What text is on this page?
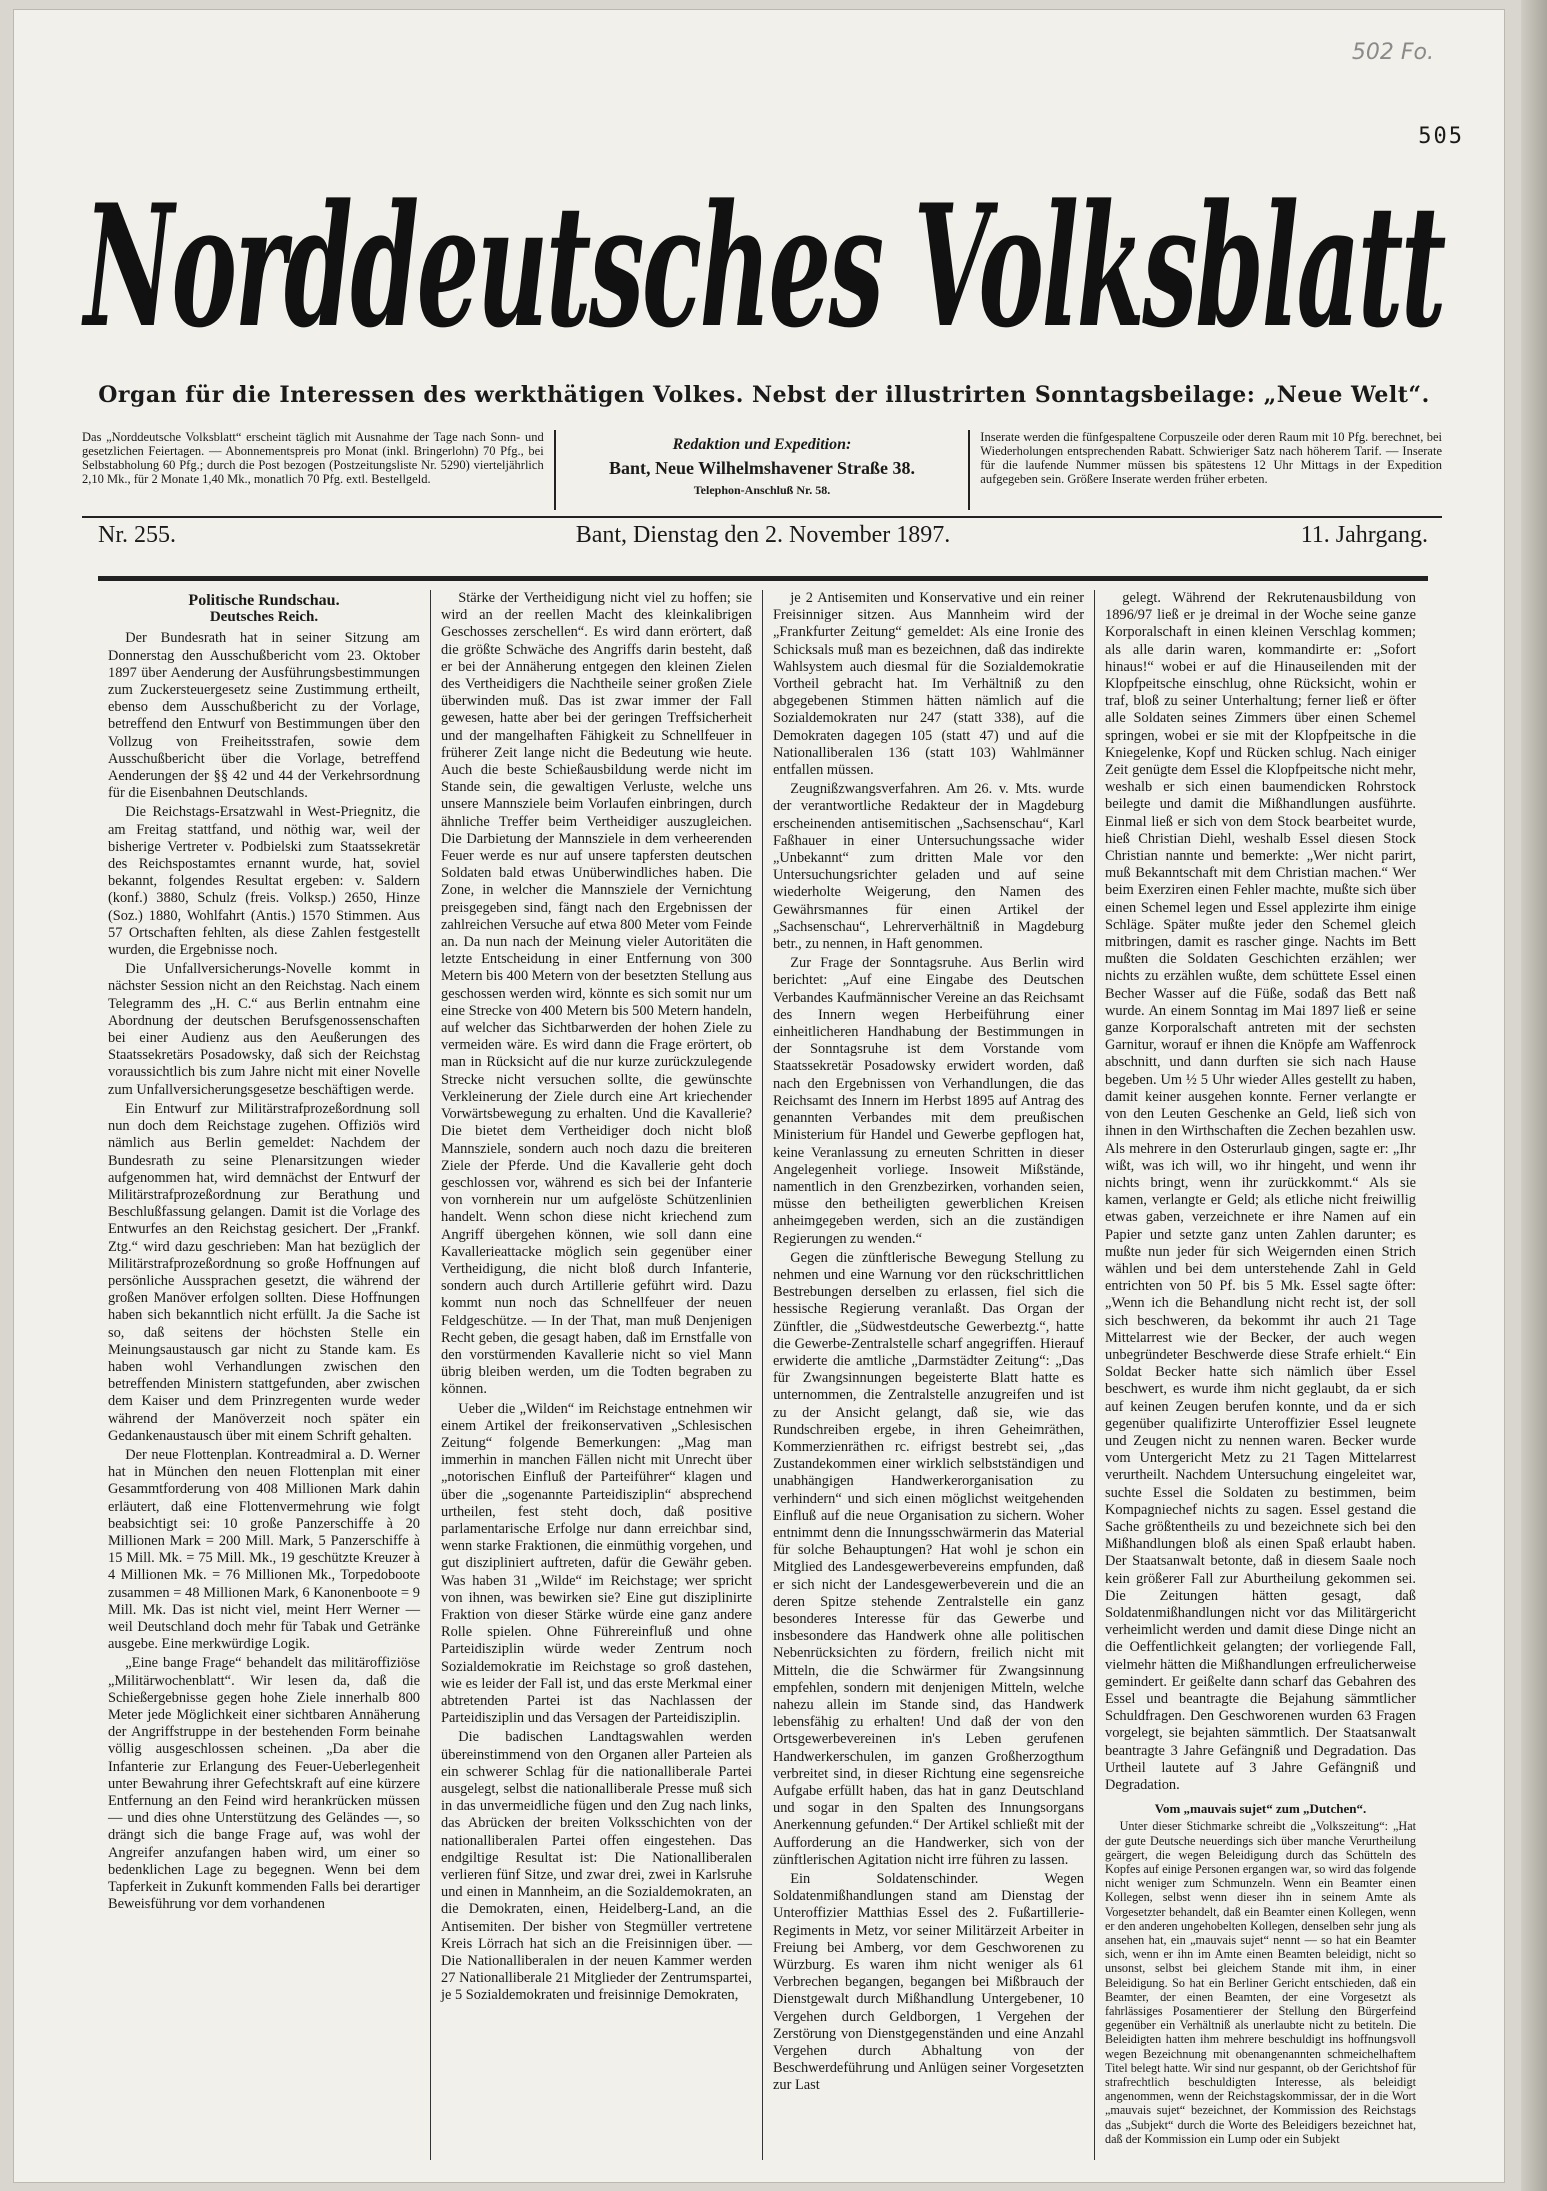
502 Fo.
505
Norddeutsches Volksblatt
Organ für die Interessen des werkthätigen Volkes. Nebst der illustrirten Sonntagsbeilage: „Neue Welt“.
Das „Norddeutsche Volksblatt“ erscheint täglich mit Ausnahme der Tage nach Sonn- und gesetzlichen Feiertagen. — Abonnementspreis pro Monat (inkl. Bringerlohn) 70 Pfg., bei Selbstabholung 60 Pfg.; durch die Post bezogen (Postzeitungsliste Nr. 5290) vierteljährlich 2,10 Mk., für 2 Monate 1,40 Mk., monatlich 70 Pfg. extl. Bestellgeld.
Redaktion und Expedition:
Bant, Neue Wilhelmshavener Straße 38.
Telephon-Anschluß Nr. 58.
Inserate werden die fünfgespaltene Corpuszeile oder deren Raum mit 10 Pfg. berechnet, bei Wiederholungen entsprechenden Rabatt. Schwieriger Satz nach höherem Tarif. — Inserate für die laufende Nummer müssen bis spätestens 12 Uhr Mittags in der Expedition aufgegeben sein. Größere Inserate werden früher erbeten.
Nr. 255.	Bant, Dienstag den 2. November 1897.	11. Jahrgang.
Politische Rundschau.
Deutsches Reich.

Der Bundesrath hat in seiner Sitzung am Donnerstag den Ausschußbericht vom 23. Oktober 1897 über Aenderung der Ausführungsbestimmungen zum Zuckersteuergesetz seine Zustimmung ertheilt, ebenso dem Ausschußbericht zu der Vorlage, betreffend den Entwurf von Bestimmungen über den Vollzug von Freiheitsstrafen, sowie dem Ausschußbericht über die Vorlage, betreffend Aenderungen der §§ 42 und 44 der Verkehrsordnung für die Eisenbahnen Deutschlands.

Die Reichstags-Ersatzwahl in West-Priegnitz, die am Freitag stattfand, und nöthig war, weil der bisherige Vertreter v. Podbielski zum Staatssekretär des Reichspostamtes ernannt wurde, hat, soviel bekannt, folgendes Resultat ergeben: v. Saldern (konf.) 3880, Schulz (freis. Volksp.) 2650, Hinze (Soz.) 1880, Wohlfahrt (Antis.) 1570 Stimmen. Aus 57 Ortschaften fehlten, als diese Zahlen festgestellt wurden, die Ergebnisse noch.

Die Unfallversicherungs-Novelle kommt in nächster Session nicht an den Reichstag. Nach einem Telegramm des „H. C.“ aus Berlin entnahm eine Abordnung der deutschen Berufsgenossenschaften bei einer Audienz aus den Aeußerungen des Staatssekretärs Posadowsky, daß sich der Reichstag voraussichtlich bis zum Jahre nicht mit einer Novelle zum Unfallversicherungsgesetze beschäftigen werde.

Ein Entwurf zur Militärstrafprozeßordnung soll nun doch dem Reichstage zugehen. Offiziös wird nämlich aus Berlin gemeldet: Nachdem der Bundesrath zu seine Plenarsitzungen wieder aufgenommen hat, wird demnächst der Entwurf der Militärstrafprozeßordnung zur Berathung und Beschlußfassung gelangen. Damit ist die Vorlage des Entwurfes an den Reichstag gesichert. Der „Frankf. Ztg.“ wird dazu geschrieben: Man hat bezüglich der Militärstrafprozeßordnung so große Hoffnungen auf persönliche Aussprachen gesetzt, die während der großen Manöver erfolgen sollten. Diese Hoffnungen haben sich bekanntlich nicht erfüllt. Ja die Sache ist so, daß seitens der höchsten Stelle ein Meinungsaustausch gar nicht zu Stande kam. Es haben wohl Verhandlungen zwischen den betreffenden Ministern stattgefunden, aber zwischen dem Kaiser und dem Prinzregenten wurde weder während der Manöverzeit noch später ein Gedankenaustausch über mit einem Schrift gehalten.

Der neue Flottenplan. Kontreadmiral a. D. Werner hat in München den neuen Flottenplan mit einer Gesammtforderung von 408 Millionen Mark dahin erläutert, daß eine Flottenvermehrung wie folgt beabsichtigt sei: 10 große Panzerschiffe à 20 Millionen Mark = 200 Mill. Mark, 5 Panzerschiffe à 15 Mill. Mk. = 75 Mill. Mk., 19 geschützte Kreuzer à 4 Millionen Mk. = 76 Millionen Mk., Torpedoboote zusammen = 48 Millionen Mark, 6 Kanonenboote = 9 Mill. Mk. Das ist nicht viel, meint Herr Werner — weil Deutschland doch mehr für Tabak und Getränke ausgebe. Eine merkwürdige Logik.

„Eine bange Frage“ behandelt das militäroffiziöse „Militärwochenblatt“. Wir lesen da, daß die Schießergebnisse gegen hohe Ziele innerhalb 800 Meter jede Möglichkeit einer sichtbaren Annäherung der Angriffstruppe in der bestehenden Form beinahe völlig ausgeschlossen scheinen. „Da aber die Infanterie zur Erlangung des Feuer-Ueberlegenheit unter Bewahrung ihrer Gefechtskraft auf eine kürzere Entfernung an den Feind wird herankrücken müssen — und dies ohne Unterstützung des Geländes —, so drängt sich die bange Frage auf, was wohl der Angreifer anzufangen haben wird, um einer so bedenklichen Lage zu begegnen. Wenn bei dem Tapferkeit in Zukunft kommenden Falls bei derartiger Beweisführung vor dem vorhandenen

Stärke der Vertheidigung nicht viel zu hoffen; sie wird an der reellen Macht des kleinkalibrigen Geschosses zerschellen“. Es wird dann erörtert, daß die größte Schwäche des Angriffs darin besteht, daß er bei der Annäherung entgegen den kleinen Zielen des Vertheidigers die Nachtheile seiner großen Ziele überwinden muß. Das ist zwar immer der Fall gewesen, hatte aber bei der geringen Treffsicherheit und der mangelhaften Fähigkeit zu Schnellfeuer in früherer Zeit lange nicht die Bedeutung wie heute. Auch die beste Schießausbildung werde nicht im Stande sein, die gewaltigen Verluste, welche uns unsere Mannsziele beim Vorlaufen einbringen, durch ähnliche Treffer beim Vertheidiger auszugleichen. Die Darbietung der Mannsziele in dem verheerenden Feuer werde es nur auf unsere tapfersten deutschen Soldaten bald etwas Unüberwindliches haben. Die Zone, in welcher die Mannsziele der Vernichtung preisgegeben sind, fängt nach den Ergebnissen der zahlreichen Versuche auf etwa 800 Meter vom Feinde an. Da nun nach der Meinung vieler Autoritäten die letzte Entscheidung in einer Entfernung von 300 Metern bis 400 Metern von der besetzten Stellung aus geschossen werden wird, könnte es sich somit nur um eine Strecke von 400 Metern bis 500 Metern handeln, auf welcher das Sichtbarwerden der hohen Ziele zu vermeiden wäre. Es wird dann die Frage erörtert, ob man in Rücksicht auf die nur kurze zurückzulegende Strecke nicht versuchen sollte, die gewünschte Verkleinerung der Ziele durch eine Art kriechender Vorwärtsbewegung zu erhalten. Und die Kavallerie? Die bietet dem Vertheidiger doch nicht bloß Mannsziele, sondern auch noch dazu die breiteren Ziele der Pferde. Und die Kavallerie geht doch geschlossen vor, während es sich bei der Infanterie von vornherein nur um aufgelöste Schützenlinien handelt. Wenn schon diese nicht kriechend zum Angriff übergehen können, wie soll dann eine Kavallerieattacke möglich sein gegenüber einer Vertheidigung, die nicht bloß durch Infanterie, sondern auch durch Artillerie geführt wird. Dazu kommt nun noch das Schnellfeuer der neuen Feldgeschütze. — In der That, man muß Denjenigen Recht geben, die gesagt haben, daß im Ernstfalle von den vorstürmenden Kavallerie nicht so viel Mann übrig bleiben werden, um die Todten begraben zu können.

Ueber die „Wilden“ im Reichstage entnehmen wir einem Artikel der freikonservativen „Schlesischen Zeitung“ folgende Bemerkungen: „Mag man immerhin in manchen Fällen nicht mit Unrecht über „notorischen Einfluß der Parteiführer“ klagen und über die „sogenannte Parteidisziplin“ absprechend urtheilen, fest steht doch, daß positive parlamentarische Erfolge nur dann erreichbar sind, wenn starke Fraktionen, die einmüthig vorgehen, und gut diszipliniert auftreten, dafür die Gewähr geben. Was haben 31 „Wilde“ im Reichstage; wer spricht von ihnen, was bewirken sie? Eine gut disziplinirte Fraktion von dieser Stärke würde eine ganz andere Rolle spielen. Ohne Führereinfluß und ohne Parteidisziplin würde weder Zentrum noch Sozialdemokratie im Reichstage so groß dastehen, wie es leider der Fall ist, und das erste Merkmal einer abtretenden Partei ist das Nachlassen der Parteidisziplin und das Versagen der Parteidisziplin.

Die badischen Landtagswahlen werden übereinstimmend von den Organen aller Parteien als ein schwerer Schlag für die nationalliberale Partei ausgelegt, selbst die nationalliberale Presse muß sich in das unvermeidliche fügen und den Zug nach links, das Abrücken der breiten Volksschichten von der nationalliberalen Partei offen eingestehen. Das endgiltige Resultat ist: Die Nationalliberalen verlieren fünf Sitze, und zwar drei, zwei in Karlsruhe und einen in Mannheim, an die Sozialdemokraten, an die Demokraten, einen, Heidelberg-Land, an die Antisemiten. Der bisher von Stegmüller vertretene Kreis Lörrach hat sich an die Freisinnigen über. — Die Nationalliberalen in der neuen Kammer werden 27 Nationalliberale 21 Mitglieder der Zentrumspartei, je 5 Sozialdemokraten und freisinnige Demokraten,

je 2 Antisemiten und Konservative und ein reiner Freisinniger sitzen. Aus Mannheim wird der „Frankfurter Zeitung“ gemeldet: Als eine Ironie des Schicksals muß man es bezeichnen, daß das indirekte Wahlsystem auch diesmal für die Sozialdemokratie Vortheil gebracht hat. Im Verhältniß zu den abgegebenen Stimmen hätten nämlich auf die Sozialdemokraten nur 247 (statt 338), auf die Demokraten dagegen 105 (statt 47) und auf die Nationalliberalen 136 (statt 103) Wahlmänner entfallen müssen.

Zeugnißzwangsverfahren. Am 26. v. Mts. wurde der verantwortliche Redakteur der in Magdeburg erscheinenden antisemitischen „Sachsenschau“, Karl Faßhauer in einer Untersuchungssache wider „Unbekannt“ zum dritten Male vor den Untersuchungsrichter geladen und auf seine wiederholte Weigerung, den Namen des Gewährsmannes für einen Artikel der „Sachsenschau“, Lehrerverhältniß in Magdeburg betr., zu nennen, in Haft genommen.

Zur Frage der Sonntagsruhe. Aus Berlin wird berichtet: „Auf eine Eingabe des Deutschen Verbandes Kaufmännischer Vereine an das Reichsamt des Innern wegen Herbeiführung einer einheitlicheren Handhabung der Bestimmungen in der Sonntagsruhe ist dem Vorstande vom Staatssekretär Posadowsky erwidert worden, daß nach den Ergebnissen von Verhandlungen, die das Reichsamt des Innern im Herbst 1895 auf Antrag des genannten Verbandes mit dem preußischen Ministerium für Handel und Gewerbe gepflogen hat, keine Veranlassung zu erneuten Schritten in dieser Angelegenheit vorliege. Insoweit Mißstände, namentlich in den Grenzbezirken, vorhanden seien, müsse den betheiligten gewerblichen Kreisen anheimgegeben werden, sich an die zuständigen Regierungen zu wenden.“

Gegen die zünftlerische Bewegung Stellung zu nehmen und eine Warnung vor den rückschrittlichen Bestrebungen derselben zu erlassen, fiel sich die hessische Regierung veranlaßt. Das Organ der Zünftler, die „Südwestdeutsche Gewerbeztg.“, hatte die Gewerbe-Zentralstelle scharf angegriffen. Hierauf erwiderte die amtliche „Darmstädter Zeitung“: „Das für Zwangsinnungen begeisterte Blatt hatte es unternommen, die Zentralstelle anzugreifen und ist zu der Ansicht gelangt, daß sie, wie das Rundschreiben ergebe, in ihren Geheimräthen, Kommerzienräthen rc. eifrigst bestrebt sei, „das Zustandekommen einer wirklich selbstständigen und unabhängigen Handwerkerorganisation zu verhindern“ und sich einen möglichst weitgehenden Einfluß auf die neue Organisation zu sichern. Woher entnimmt denn die Innungsschwärmerin das Material für solche Behauptungen? Hat wohl je schon ein Mitglied des Landesgewerbevereins empfunden, daß er sich nicht der Landesgewerbeverein und die an deren Spitze stehende Zentralstelle ein ganz besonderes Interesse für das Gewerbe und insbesondere das Handwerk ohne alle politischen Nebenrücksichten zu fördern, freilich nicht mit Mitteln, die die Schwärmer für Zwangsinnung empfehlen, sondern mit denjenigen Mitteln, welche nahezu allein im Stande sind, das Handwerk lebensfähig zu erhalten! Und daß der von den Ortsgewerbevereinen in's Leben gerufenen Handwerkerschulen, im ganzen Großherzogthum verbreitet sind, in dieser Richtung eine segensreiche Aufgabe erfüllt haben, das hat in ganz Deutschland und sogar in den Spalten des Innungsorgans Anerkennung gefunden.“ Der Artikel schließt mit der Aufforderung an die Handwerker, sich von der zünftlerischen Agitation nicht irre führen zu lassen.

Ein Soldatenschinder. Wegen Soldatenmißhandlungen stand am Dienstag der Unteroffizier Matthias Essel des 2. Fußartillerie-Regiments in Metz, vor seiner Militärzeit Arbeiter in Freiung bei Amberg, vor dem Geschworenen zu Würzburg. Es waren ihm nicht weniger als 61 Verbrechen begangen, begangen bei Mißbrauch der Dienstgewalt durch Mißhandlung Untergebener, 10 Vergehen durch Geldborgen, 1 Vergehen der Zerstörung von Dienstgegenständen und eine Anzahl Vergehen durch Abhaltung von der Beschwerdeführung und Anlügen seiner Vorgesetzten zur Last

gelegt. Während der Rekrutenausbildung von 1896/97 ließ er je dreimal in der Woche seine ganze Korporalschaft in einen kleinen Verschlag kommen; als alle darin waren, kommandirte er: „Sofort hinaus!“ wobei er auf die Hinauseilenden mit der Klopfpeitsche einschlug, ohne Rücksicht, wohin er traf, bloß zu seiner Unterhaltung; ferner ließ er öfter alle Soldaten seines Zimmers über einen Schemel springen, wobei er sie mit der Klopfpeitsche in die Kniegelenke, Kopf und Rücken schlug. Nach einiger Zeit genügte dem Essel die Klopfpeitsche nicht mehr, weshalb er sich einen baumendicken Rohrstock beilegte und damit die Mißhandlungen ausführte. Einmal ließ er sich von dem Stock bearbeitet wurde, hieß Christian Diehl, weshalb Essel diesen Stock Christian nannte und bemerkte: „Wer nicht parirt, muß Bekanntschaft mit dem Christian machen.“ Wer beim Exerziren einen Fehler machte, mußte sich über einen Schemel legen und Essel applezirte ihm einige Schläge. Später mußte jeder den Schemel gleich mitbringen, damit es rascher ginge. Nachts im Bett mußten die Soldaten Geschichten erzählen; wer nichts zu erzählen wußte, dem schüttete Essel einen Becher Wasser auf die Füße, sodaß das Bett naß wurde. An einem Sonntag im Mai 1897 ließ er seine ganze Korporalschaft antreten mit der sechsten Garnitur, worauf er ihnen die Knöpfe am Waffenrock abschnitt, und dann durften sie sich nach Hause begeben. Um ½ 5 Uhr wieder Alles gestellt zu haben, damit keiner ausgehen konnte. Ferner verlangte er von den Leuten Geschenke an Geld, ließ sich von ihnen in den Wirthschaften die Zechen bezahlen usw. Als mehrere in den Osterurlaub gingen, sagte er: „Ihr wißt, was ich will, wo ihr hingeht, und wenn ihr nichts bringt, wenn ihr zurückkommt.“ Als sie kamen, verlangte er Geld; als etliche nicht freiwillig etwas gaben, verzeichnete er ihre Namen auf ein Papier und setzte ganz unten Zahlen darunter; es mußte nun jeder für sich Weigernden einen Strich wählen und bei dem unterstehende Zahl in Geld entrichten von 50 Pf. bis 5 Mk. Essel sagte öfter: „Wenn ich die Behandlung nicht recht ist, der soll sich beschweren, da bekommt ihr auch 21 Tage Mittelarrest wie der Becker, der auch wegen unbegründeter Beschwerde diese Strafe erhielt.“ Ein Soldat Becker hatte sich nämlich über Essel beschwert, es wurde ihm nicht geglaubt, da er sich auf keinen Zeugen berufen konnte, und da er sich gegenüber qualifizirte Unteroffizier Essel leugnete und Zeugen nicht zu nennen waren. Becker wurde vom Untergericht Metz zu 21 Tagen Mittelarrest verurtheilt. Nachdem Untersuchung eingeleitet war, suchte Essel die Soldaten zu bestimmen, beim Kompagniechef nichts zu sagen. Essel gestand die Sache größtentheils zu und bezeichnete sich bei den Mißhandlungen bloß als einen Spaß erlaubt haben. Der Staatsanwalt betonte, daß in diesem Saale noch kein größerer Fall zur Aburtheilung gekommen sei. Die Zeitungen hätten gesagt, daß Soldatenmißhandlungen nicht vor das Militärgericht verheimlicht werden und damit diese Dinge nicht an die Oeffentlichkeit gelangten; der vorliegende Fall, vielmehr hätten die Mißhandlungen erfreulicherweise gemindert. Er geißelte dann scharf das Gebahren des Essel und beantragte die Bejahung sämmtlicher Schuldfragen. Den Geschworenen wurden 63 Fragen vorgelegt, sie bejahten sämmtlich. Der Staatsanwalt beantragte 3 Jahre Gefängniß und Degradation. Das Urtheil lautete auf 3 Jahre Gefängniß und Degradation.

Vom „mauvais sujet“ zum „Dutchen“.

Unter dieser Stichmarke schreibt die „Volkszeitung“: „Hat der gute Deutsche neuerdings sich über manche Verurtheilung geärgert, die wegen Beleidigung durch das Schütteln des Kopfes auf einige Personen ergangen war, so wird das folgende nicht weniger zum Schmunzeln. Wenn ein Beamter einen Kollegen, selbst wenn dieser ihn in seinem Amte als Vorgesetzter behandelt, daß ein Beamter einen Kollegen, wenn er den anderen ungehobelten Kollegen, denselben sehr jung als ansehen hat, ein „mauvais sujet“ nennt — so hat ein Beamter sich, wenn er ihn im Amte einen Beamten beleidigt, nicht so unsonst, selbst bei gleichem Stande mit ihm, in einer Beleidigung. So hat ein Berliner Gericht entschieden, daß ein Beamter, der einen Beamten, der eine Vorgesetzt als fahrlässiges Posamentierer der Stellung den Bürgerfeind gegenüber ein Verhältniß als unerlaubte nicht zu betiteln. Die Beleidigten hatten ihm mehrere beschuldigt ins hoffnungsvoll wegen Bezeichnung mit obenangenannten schmeichelhaftem Titel belegt hatte. Wir sind nur gespannt, ob der Gerichtshof für strafrechtlich beschuldigten Interesse, als beleidigt angenommen, wenn der Reichstagskommissar, der in die Wort „mauvais sujet“ bezeichnet, der Kommission des Reichstags das „Subjekt“ durch die Worte des Beleidigers bezeichnet hat, daß der Kommission ein Lump oder ein Subjekt
